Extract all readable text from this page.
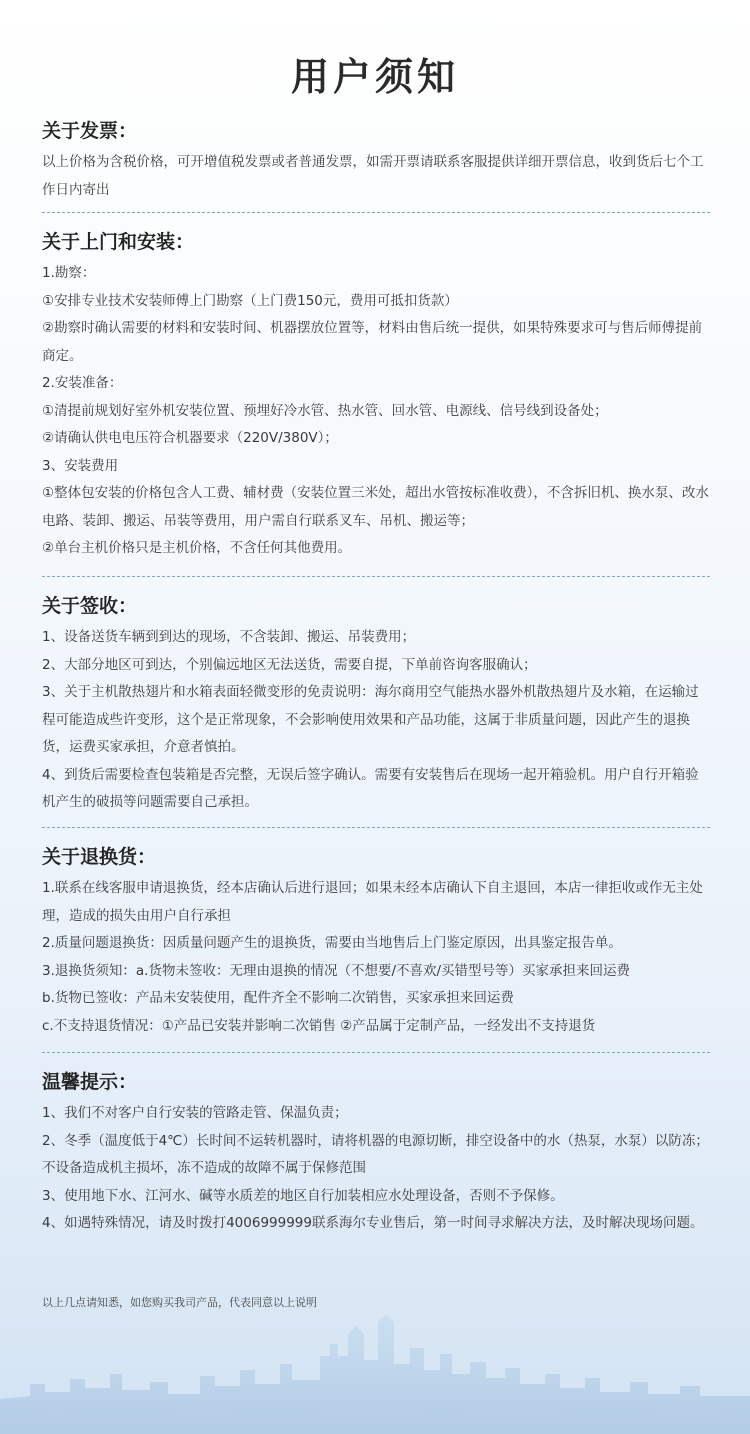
用户须知
关于发票：

以上价格为含税价格，可开增值税发票或者普通发票，如需开票请联系客服提供详细开票信息，收到货后七个工作日内寄出

关于上门和安装：

1.勘察：

①安排专业技术安装师傅上门勘察（上门费150元，费用可抵扣货款）

②勘察时确认需要的材料和安装时间、机器摆放位置等，材料由售后统一提供，如果特殊要求可与售后师傅提前商定。

2.安装准备：

①清提前规划好室外机安装位置、预埋好冷水管、热水管、回水管、电源线、信号线到设备处；

②请确认供电电压符合机器要求（220V/380V）；

3、安装费用

①整体包安装的价格包含人工费、辅材费（安装位置三米处，超出水管按标准收费），不含拆旧机、换水泵、改水电路、装卸、搬运、吊装等费用，用户需自行联系叉车、吊机、搬运等；

②单台主机价格只是主机价格，不含任何其他费用。

关于签收：

1、设备送货车辆到到达的现场，不含装卸、搬运、吊装费用；

2、大部分地区可到达，个别偏远地区无法送货，需要自提，下单前咨询客服确认；

3、关于主机散热翅片和水箱表面轻微变形的免责说明：海尔商用空气能热水器外机散热翅片及水箱，在运输过程可能造成些许变形，这个是正常现象，不会影响使用效果和产品功能，这属于非质量问题，因此产生的退换货，运费买家承担，介意者慎拍。

4、到货后需要检查包装箱是否完整，无误后签字确认。需要有安装售后在现场一起开箱验机。用户自行开箱验机产生的破损等问题需要自己承担。

关于退换货：

1.联系在线客服申请退换货，经本店确认后进行退回；如果未经本店确认下自主退回，本店一律拒收或作无主处理，造成的损失由用户自行承担

2.质量问题退换货：因质量问题产生的退换货，需要由当地售后上门鉴定原因，出具鉴定报告单。

3.退换货须知：a.货物未签收：无理由退换的情况（不想要/不喜欢/买错型号等）买家承担来回运费

b.货物已签收：产品未安装使用，配件齐全不影响二次销售，买家承担来回运费

c.不支持退货情况：①产品已安装并影响二次销售 ②产品属于定制产品，一经发出不支持退货

温馨提示：

1、我们不对客户自行安装的管路走管、保温负责；

2、冬季（温度低于4℃）长时间不运转机器时，请将机器的电源切断，排空设备中的水（热泵，水泵）以防冻；不设备造成机主损坏，冻不造成的故障不属于保修范围

3、使用地下水、江河水、碱等水质差的地区自行加装相应水处理设备，否则不予保修。

4、如遇特殊情况，请及时拨打4006999999联系海尔专业售后，第一时间寻求解决方法，及时解决现场问题。

以上几点请知悉，如您购买我司产品，代表同意以上说明
